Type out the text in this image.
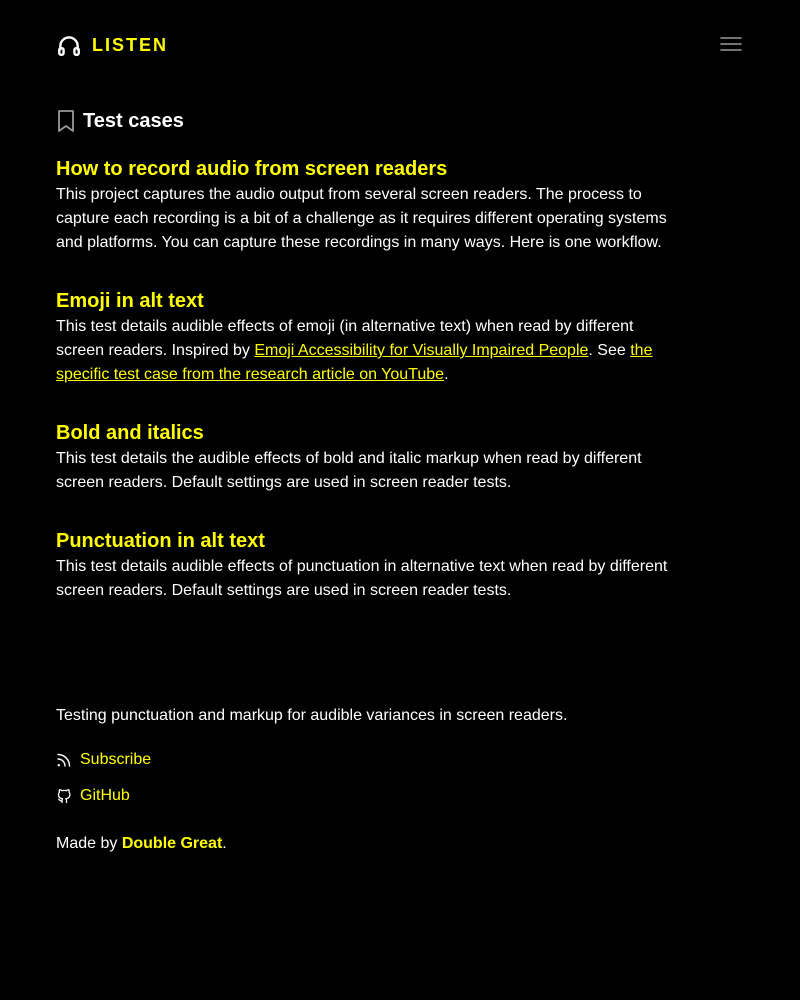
LISTEN
Test cases
How to record audio from screen readers

This project captures the audio output from several screen readers. The process to capture each recording is a bit of a challenge as it requires different operating systems and platforms. You can capture these recordings in many ways. Here is one workflow.

Emoji in alt text

This test details audible effects of emoji (in alternative text) when read by different screen readers. Inspired by Emoji Accessibility for Visually Impaired People. See the specific test case from the research article on YouTube.

Bold and italics

This test details the audible effects of bold and italic markup when read by different screen readers. Default settings are used in screen reader tests.

Punctuation in alt text

This test details audible effects of punctuation in alternative text when read by different screen readers. Default settings are used in screen reader tests.

Testing punctuation and markup for audible variances in screen readers.

Subscribe
GitHub

Made by Double Great.
